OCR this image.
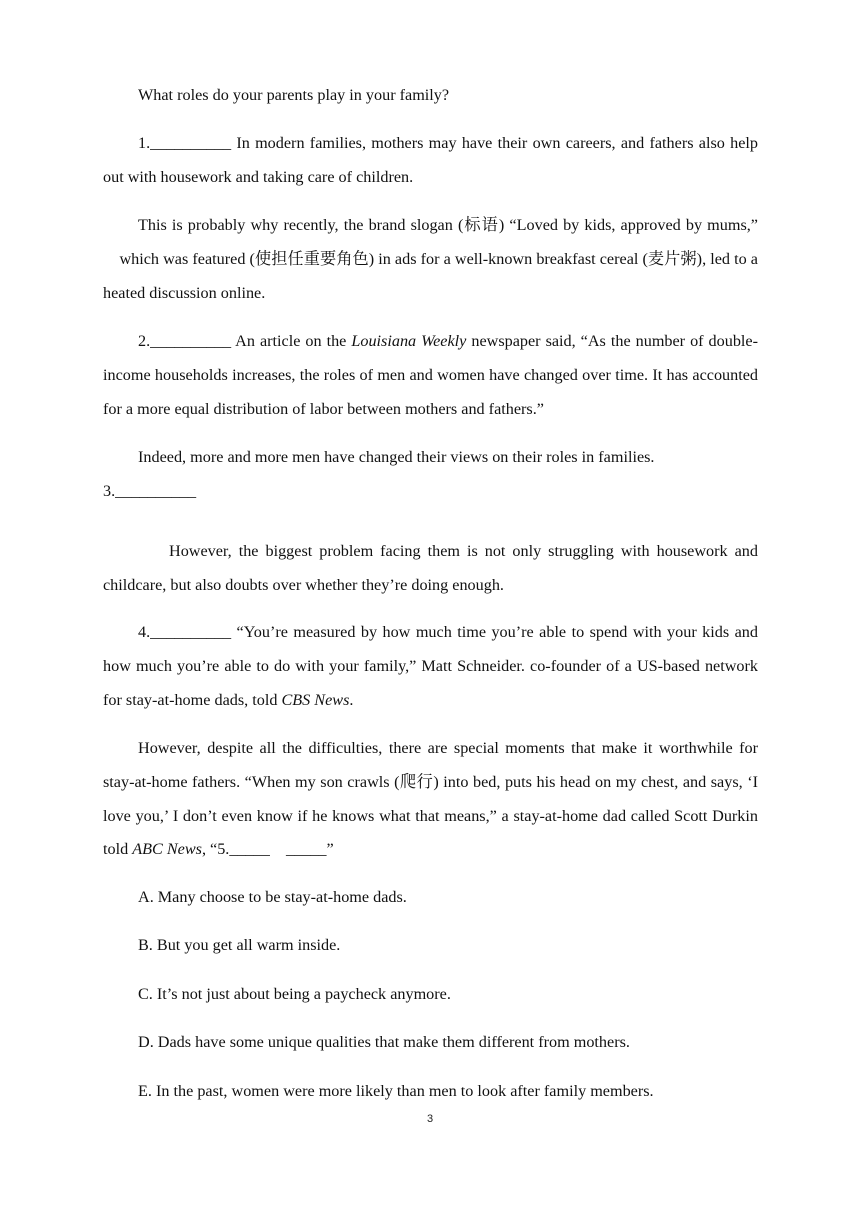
What roles do your parents play in your family?

1.__________ In modern families, mothers may have their own careers, and fathers also help out with housework and taking care of children.

This is probably why recently, the brand slogan (标语) “Loved by kids, approved by mums,”    which was featured (使担任重要角色) in ads for a well-known breakfast cereal (麦片粥), led to a heated discussion online.

2.__________ An article on the Louisiana Weekly newspaper said, “As the number of double-income households increases, the roles of men and women have changed over time. It has accounted for a more equal distribution of labor between mothers and fathers.”

Indeed, more and more men have changed their views on their roles in families.

3.__________

However, the biggest problem facing them is not only struggling with housework and childcare, but also doubts over whether they’re doing enough.

4.__________ “You’re measured by how much time you’re able to spend with your kids and how much you’re able to do with your family,” Matt Schneider. co-founder of a US-based network for stay-at-home dads, told CBS News.

However, despite all the difficulties, there are special moments that make it worthwhile for stay-at-home fathers. “When my son crawls (爬行) into bed, puts his head on my chest, and says, ‘I love you,’ I don’t even know if he knows what that means,” a stay-at-home dad called Scott Durkin told ABC News, “5._____ _____”

A. Many choose to be stay-at-home dads.

B. But you get all warm inside.

C. It’s not just about being a paycheck anymore.

D. Dads have some unique qualities that make them different from mothers.

E. In the past, women were more likely than men to look after family members.

3
